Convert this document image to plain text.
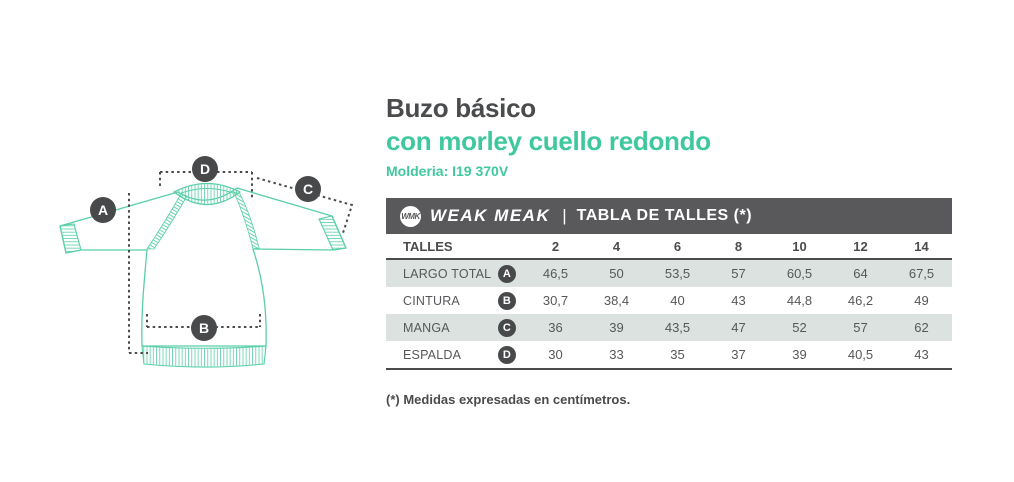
A
B
C
D
Buzo básico
con morley cuello redondo
Molderia: I19 370V
WMK WEAK MEAK | TABLA DE TALLES (*)
TALLES	2	4	6	8	10	12	14
LARGO TOTAL	A	46,5	50	53,5	57	60,5	64	67,5
CINTURA	B	30,7	38,4	40	43	44,8	46,2	49
MANGA	C	36	39	43,5	47	52	57	62
ESPALDA	D	30	33	35	37	39	40,5	43
(*) Medidas expresadas en centímetros.
